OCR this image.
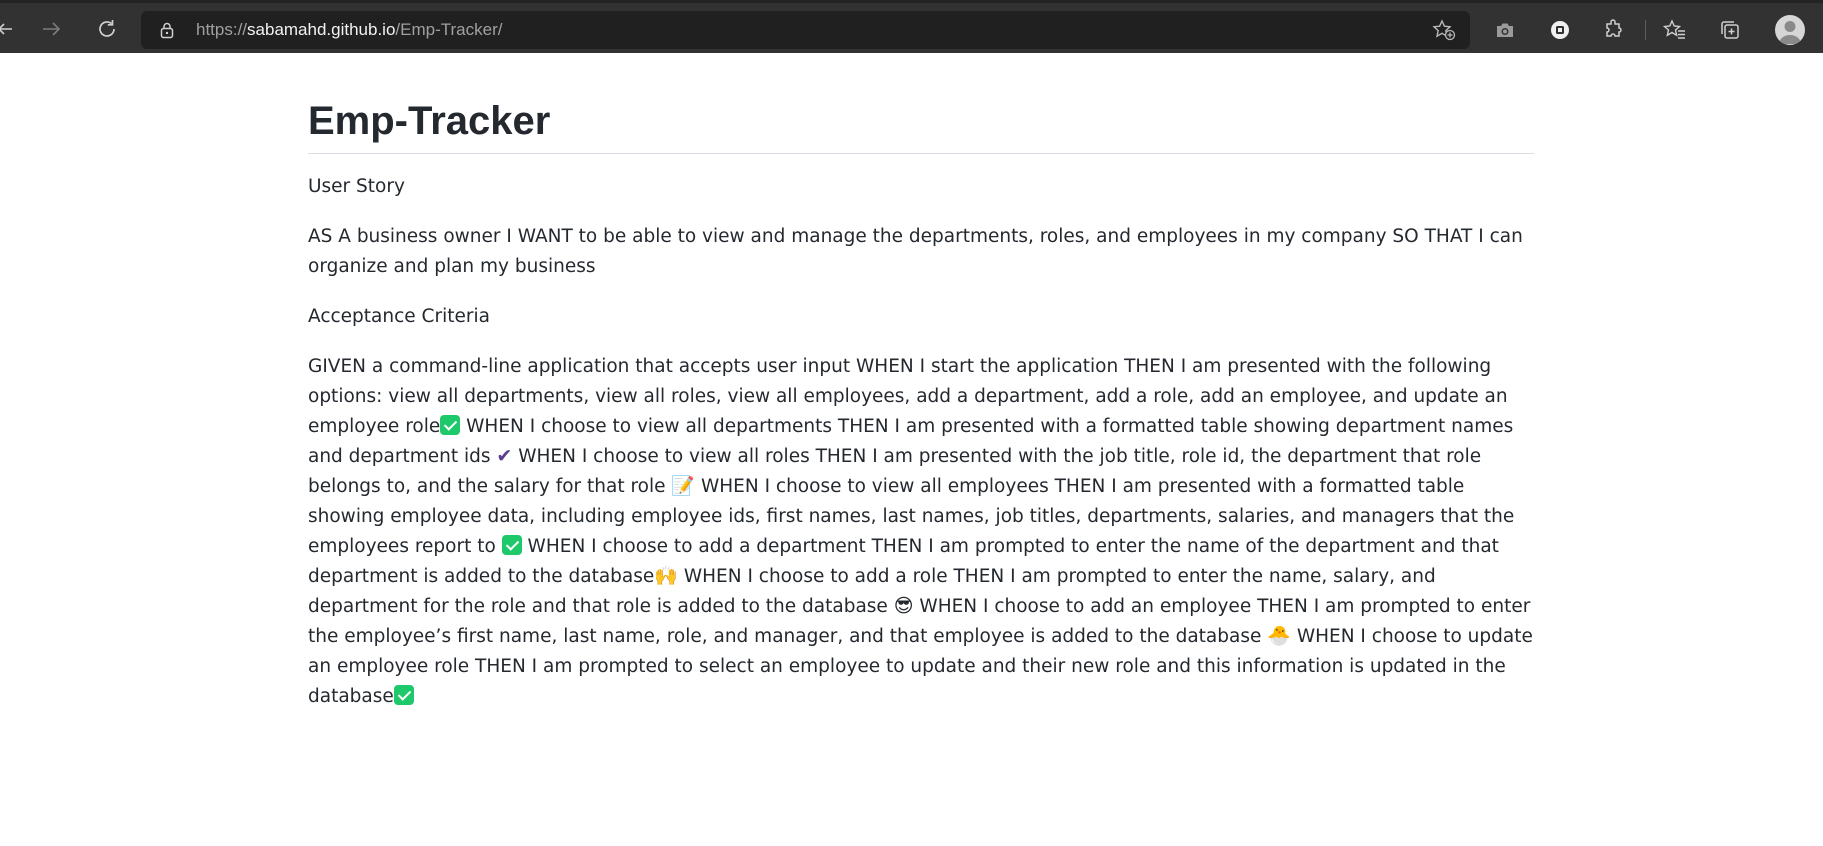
https://sabamahd.github.io/Emp-Tracker/
Emp-Tracker

User Story

AS A business owner I WANT to be able to view and manage the departments, roles, and employees in my company SO THAT I can organize and plan my business

Acceptance Criteria

GIVEN a command-line application that accepts user input WHEN I start the application THEN I am presented with the following options: view all departments, view all roles, view all employees, add a department, add a role, add an employee, and update an employee role WHEN I choose to view all departments THEN I am presented with a formatted table showing department names and department ids ✔ WHEN I choose to view all roles THEN I am presented with the job title, role id, the department that role belongs to, and the salary for that role 📝 WHEN I choose to view all employees THEN I am presented with a formatted table showing employee data, including employee ids, first names, last names, job titles, departments, salaries, and managers that the employees report to  WHEN I choose to add a department THEN I am prompted to enter the name of the department and that department is added to the database🙌 WHEN I choose to add a role THEN I am prompted to enter the name, salary, and department for the role and that role is added to the database 😎 WHEN I choose to add an employee THEN I am prompted to enter the employee’s first name, last name, role, and manager, and that employee is added to the database 🐣 WHEN I choose to update an employee role THEN I am prompted to select an employee to update and their new role and this information is updated in the database
